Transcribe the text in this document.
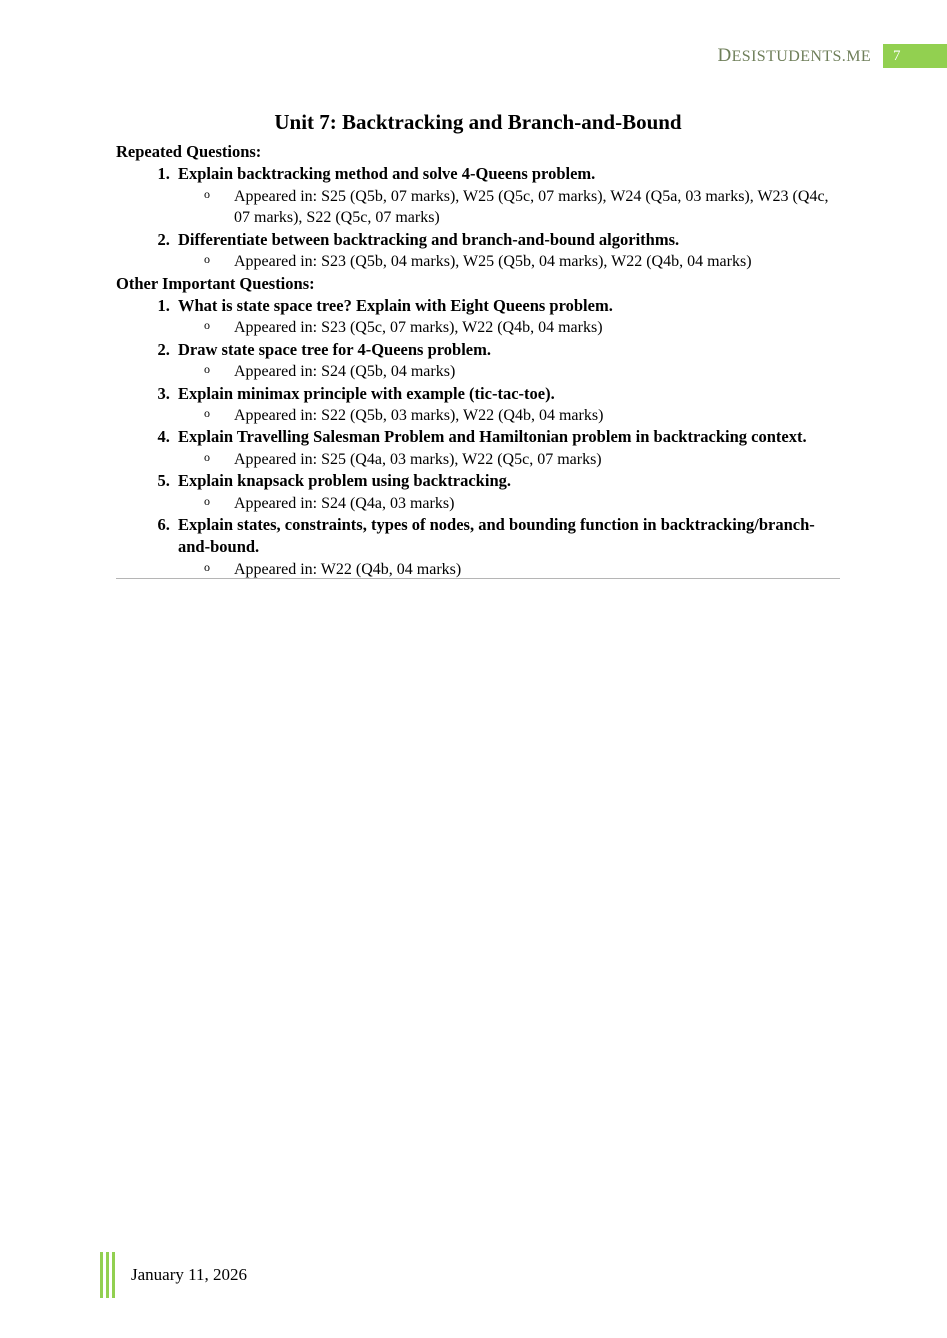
DESISTUDENTS.ME	7
Unit 7: Backtracking and Branch-and-Bound
Repeated Questions:
1. Explain backtracking method and solve 4-Queens problem.
o Appeared in: S25 (Q5b, 07 marks), W25 (Q5c, 07 marks), W24 (Q5a, 03 marks), W23 (Q4c, 07 marks), S22 (Q5c, 07 marks)
2. Differentiate between backtracking and branch-and-bound algorithms.
o Appeared in: S23 (Q5b, 04 marks), W25 (Q5b, 04 marks), W22 (Q4b, 04 marks)
Other Important Questions:
1. What is state space tree? Explain with Eight Queens problem.
o Appeared in: S23 (Q5c, 07 marks), W22 (Q4b, 04 marks)
2. Draw state space tree for 4-Queens problem.
o Appeared in: S24 (Q5b, 04 marks)
3. Explain minimax principle with example (tic-tac-toe).
o Appeared in: S22 (Q5b, 03 marks), W22 (Q4b, 04 marks)
4. Explain Travelling Salesman Problem and Hamiltonian problem in backtracking context.
o Appeared in: S25 (Q4a, 03 marks), W22 (Q5c, 07 marks)
5. Explain knapsack problem using backtracking.
o Appeared in: S24 (Q4a, 03 marks)
6. Explain states, constraints, types of nodes, and bounding function in backtracking/branch-and-bound.
o Appeared in: W22 (Q4b, 04 marks)
January 11, 2026
